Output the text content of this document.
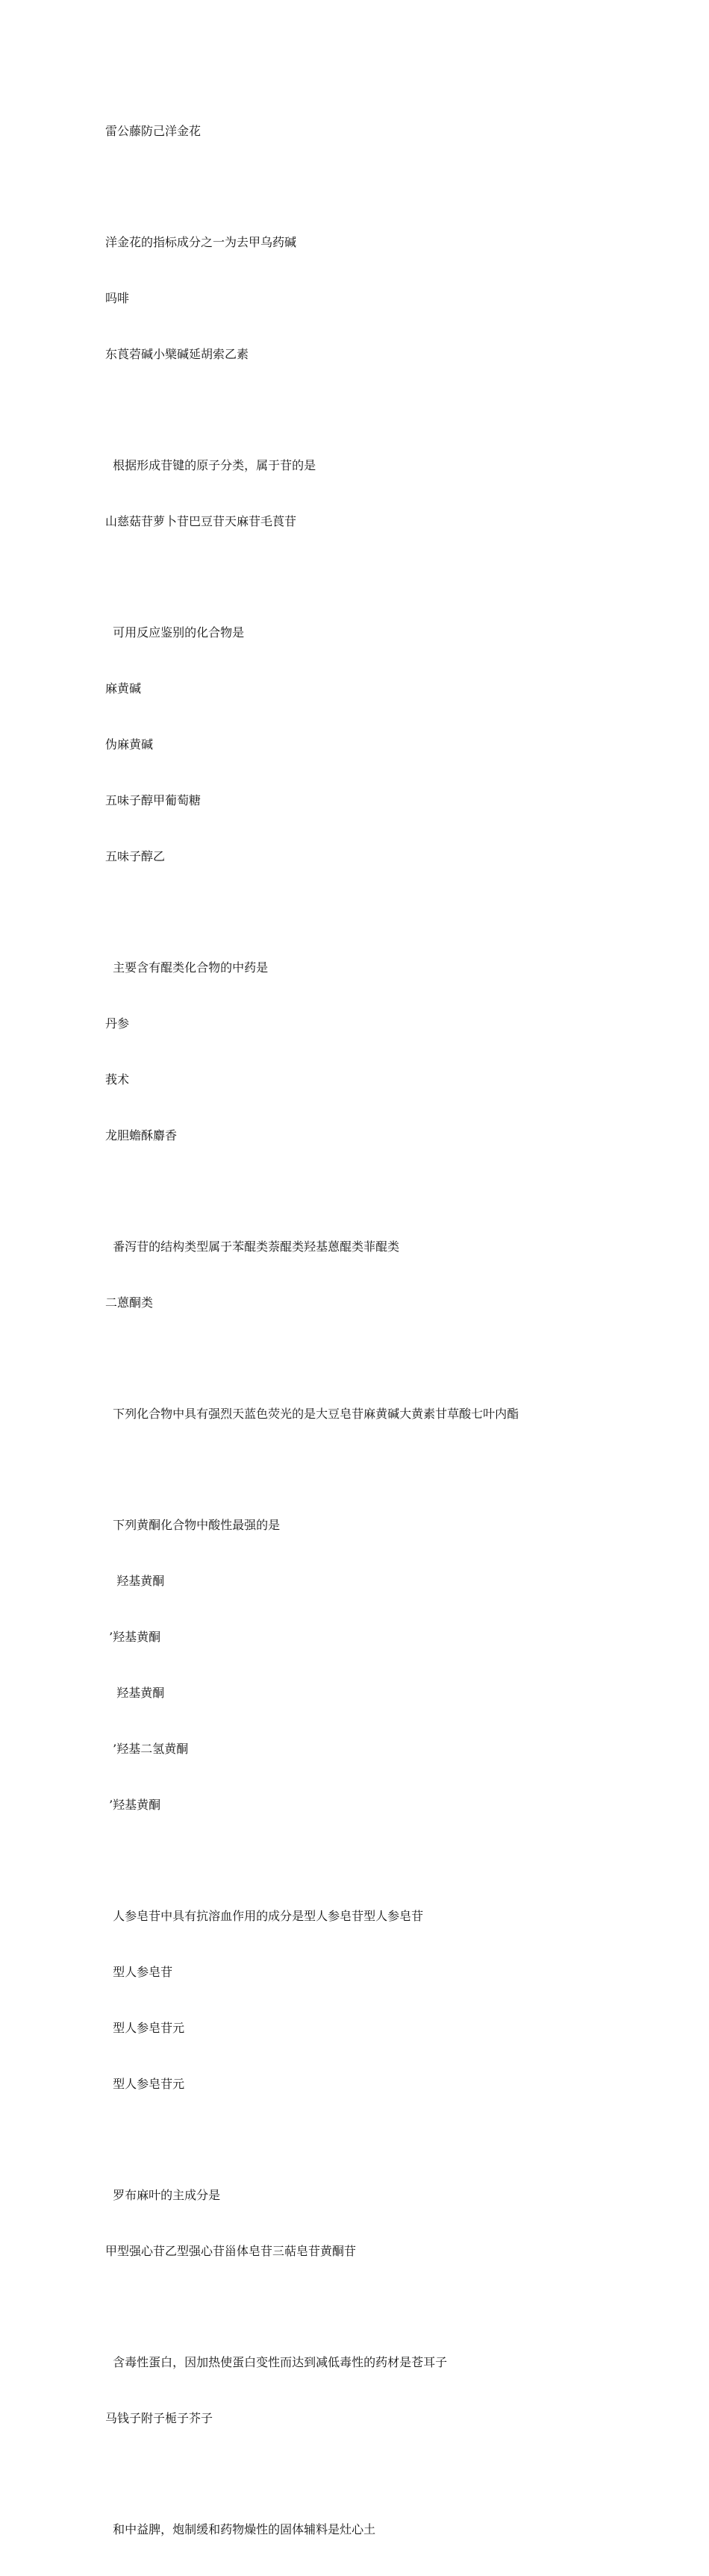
雷公藤防己洋金花

洋金花的指标成分之一为去甲乌药碱

吗啡

东莨菪碱小檗碱延胡索乙素

根据形成苷键的原子分类，属于苷的是

山慈菇苷萝卜苷巴豆苷天麻苷毛莨苷

可用反应鉴别的化合物是

麻黄碱

伪麻黄碱

五味子醇甲葡萄糖

五味子醇乙

主要含有醌类化合物的中药是

丹参

莪术

龙胆蟾酥麝香

番泻苷的结构类型属于苯醌类萘醌类羟基蒽醌类菲醌类

二蒽酮类

下列化合物中具有强烈天蓝色荧光的是大豆皂苷麻黄碱大黄素甘草酸七叶内酯

下列黄酮化合物中酸性最强的是

羟基黄酮

’羟基黄酮

羟基黄酮

’羟基二氢黄酮

’羟基黄酮

人参皂苷中具有抗溶血作用的成分是型人参皂苷型人参皂苷

型人参皂苷

型人参皂苷元

型人参皂苷元

罗布麻叶的主成分是

甲型强心苷乙型强心苷甾体皂苷三萜皂苷黄酮苷

含毒性蛋白，因加热使蛋白变性而达到减低毒性的药材是苍耳子

马钱子附子栀子芥子

和中益脾，炮制缓和药物燥性的固体辅料是灶心土
